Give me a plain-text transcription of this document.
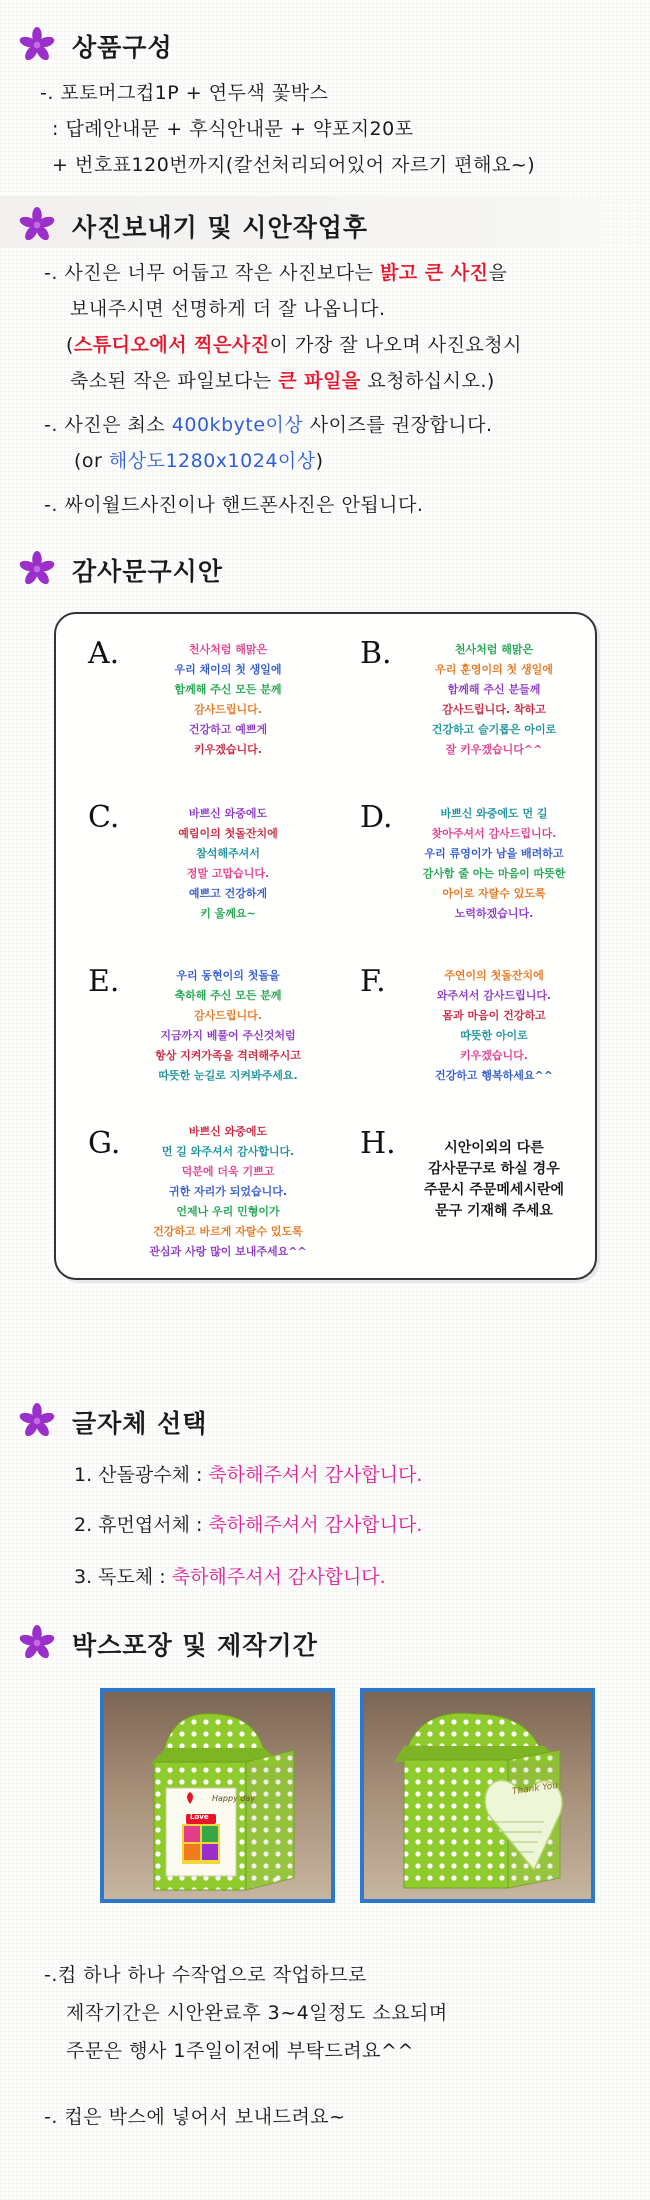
상품구성
-. 포토머그컵1P + 연두색 꽃박스
: 답례안내문 + 후식안내문 + 약포지20포
+ 번호표120번까지(칼선처리되어있어 자르기 편해요~)
사진보내기 및 시안작업후
-. 사진은 너무 어둡고 작은 사진보다는 밝고 큰 사진을
보내주시면 선명하게 더 잘 나옵니다.
(스튜디오에서 찍은사진이 가장 잘 나오며 사진요청시
축소된 작은 파일보다는 큰 파일을 요청하십시오.)
-. 사진은 최소 400kbyte이상 사이즈를 권장합니다.
(or 해상도1280x1024이상)
-. 싸이월드사진이나 핸드폰사진은 안됩니다.
감사문구시안
A.	천사처럼 해맑은
우리 채이의 첫 생일에
함께해 주신 모든 분께
감사드립니다.
건강하고 예쁘게
키우겠습니다.
B.	천사처럼 해맑은
우리 훈영이의 첫 생일에
함께해 주신 분들께
감사드립니다. 착하고
건강하고 슬기롭은 아이로
잘 키우겠습니다^^
C.	바쁘신 와중에도
예림이의 첫돌잔치에
참석해주셔서
정말 고맙습니다.
예쁘고 건강하게
키 울께요~
D.	바쁘신 와중에도 먼 길
찾아주셔서 감사드립니다.
우리 류영이가 남을 배려하고
감사함 줄 아는 마음이 따뜻한
아이로 자랄수 있도록
노력하겠습니다.
E.	우리 동현이의 첫돌을
축하해 주신 모든 분께
감사드립니다.
지금까지 베풀어 주신것처럼
항상 지켜가족을 격려해주시고
따뜻한 눈길로 지켜봐주세요.
F.	주연이의 첫돌잔치에
와주셔서 감사드립니다.
몸과 마음이 건강하고
따뜻한 아이로
키우겠습니다.
건강하고 행복하세요^^
G.	바쁘신 와중에도
먼 길 와주셔서 감사합니다.
덕분에 더욱 기쁘고
귀한 자리가 되었습니다.
언제나 우리 민형이가
건강하고 바르게 자랄수 있도록
관심과 사랑 많이 보내주세요^^
H.	시안이외의 다른
감사문구로 하실 경우
주문시 주문메세시란에
문구 기재해 주세요
글자체 선택
1. 산돌광수체 : 축하해주셔서 감사합니다.
2. 휴먼엽서체 : 축하해주셔서 감사합니다.
3. 독도체 : 축하해주셔서 감사합니다.
박스포장 및 제작기간
Happy day
Love
Thank You
-.컵 하나 하나 수작업으로 작업하므로
제작기간은 시안완료후 3~4일정도 소요되며
주문은 행사 1주일이전에 부탁드려요^^
-. 컵은 박스에 넣어서 보내드려요~
